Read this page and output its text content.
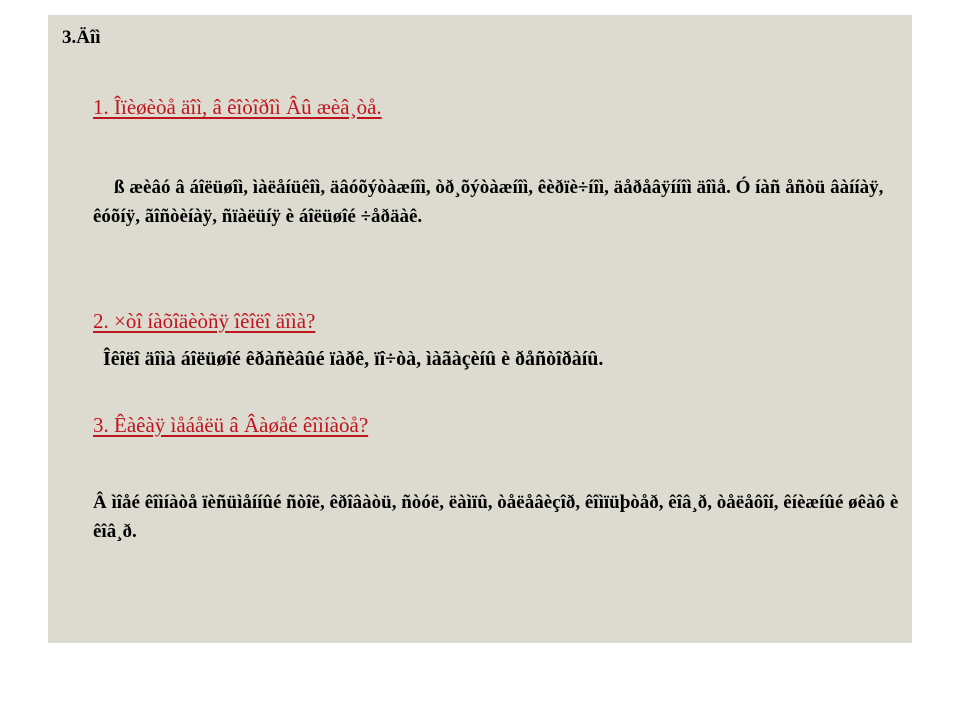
3.Äîì

1. Îïèøèòå äîì, â êîòîðîì Âû æèâ¸òå.

ß æèâó â áîëüøîì, ìàëåíüêîì, äâóõýòàæíîì, òð¸õýòàæíîì, êèðïè÷íîì, äåðåâÿííîì äîìå. Ó íàñ åñòü âàííàÿ, êóõíÿ, ãîñòèíàÿ, ñïàëüíÿ è áîëüøîé ÷åðäàê.

2. ×òî íàõîäèòñÿ îêîëî äîìà?

Îêîëî äîìà áîëüøîé êðàñèâûé ïàðê, ïî÷òà, ìàãàçèíû è ðåñòîðàíû.

3. Êàêàÿ ìåáåëü â Âàøåé êîìíàòå?

Â ìîåé êîìíàòå ïèñüìåííûé ñòîë, êðîâàòü, ñòóë, ëàìïû, òåëåâèçîð, êîìïüþòåð, êîâ¸ð, òåëåôîí, êíèæíûé øêàô è êîâ¸ð.
